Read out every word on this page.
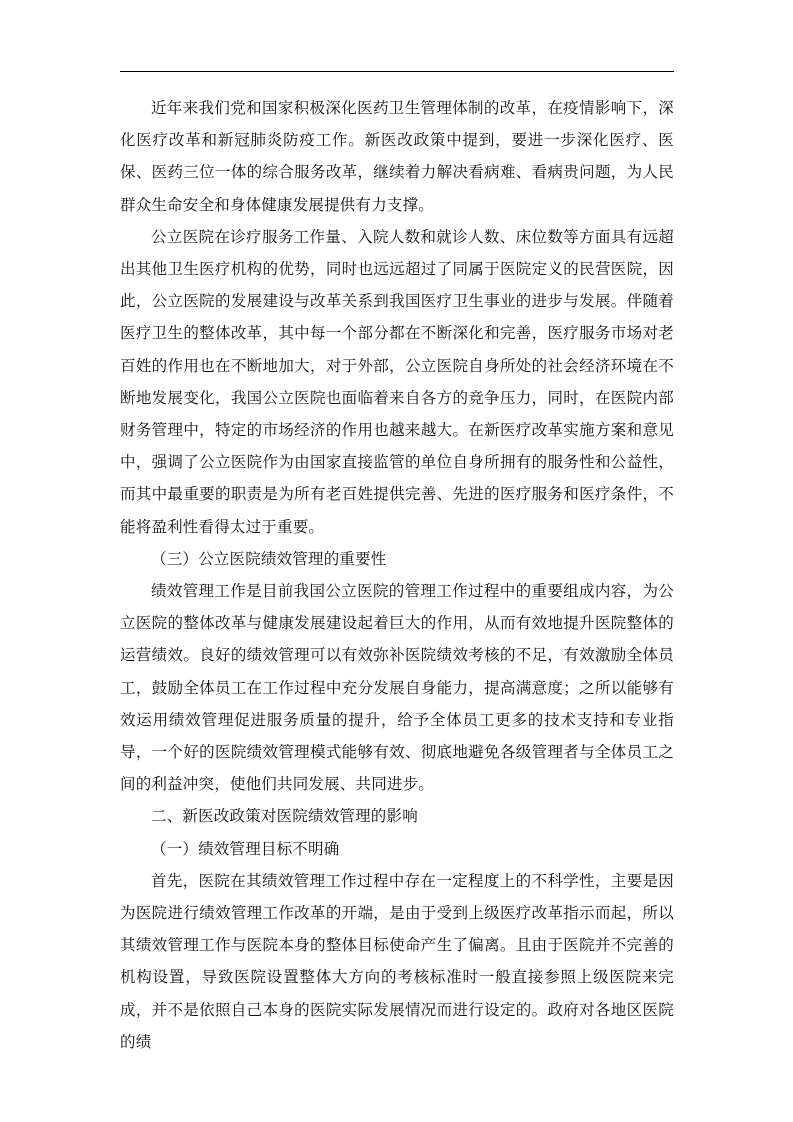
近年来我们党和国家积极深化医药卫生管理体制的改革，在疫情影响下，深化医疗改革和新冠肺炎防疫工作。新医改政策中提到，要进一步深化医疗、医保、医药三位一体的综合服务改革，继续着力解决看病难、看病贵问题，为人民群众生命安全和身体健康发展提供有力支撑。

公立医院在诊疗服务工作量、入院人数和就诊人数、床位数等方面具有远超出其他卫生医疗机构的优势，同时也远远超过了同属于医院定义的民营医院，因此，公立医院的发展建设与改革关系到我国医疗卫生事业的进步与发展。伴随着医疗卫生的整体改革，其中每一个部分都在不断深化和完善，医疗服务市场对老百姓的作用也在不断地加大，对于外部，公立医院自身所处的社会经济环境在不断地发展变化，我国公立医院也面临着来自各方的竞争压力，同时，在医院内部财务管理中，特定的市场经济的作用也越来越大。在新医疗改革实施方案和意见中，强调了公立医院作为由国家直接监管的单位自身所拥有的服务性和公益性，而其中最重要的职责是为所有老百姓提供完善、先进的医疗服务和医疗条件，不能将盈利性看得太过于重要。

（三）公立医院绩效管理的重要性

绩效管理工作是目前我国公立医院的管理工作过程中的重要组成内容，为公立医院的整体改革与健康发展建设起着巨大的作用，从而有效地提升医院整体的运营绩效。良好的绩效管理可以有效弥补医院绩效考核的不足，有效激励全体员工，鼓励全体员工在工作过程中充分发展自身能力，提高满意度；之所以能够有效运用绩效管理促进服务质量的提升，给予全体员工更多的技术支持和专业指导，一个好的医院绩效管理模式能够有效、彻底地避免各级管理者与全体员工之间的利益冲突，使他们共同发展、共同进步。

二、新医改政策对医院绩效管理的影响

（一）绩效管理目标不明确

首先，医院在其绩效管理工作过程中存在一定程度上的不科学性，主要是因为医院进行绩效管理工作改革的开端，是由于受到上级医疗改革指示而起，所以其绩效管理工作与医院本身的整体目标使命产生了偏离。且由于医院并不完善的机构设置，导致医院设置整体大方向的考核标准时一般直接参照上级医院来完成，并不是依照自己本身的医院实际发展情况而进行设定的。政府对各地区医院的绩
